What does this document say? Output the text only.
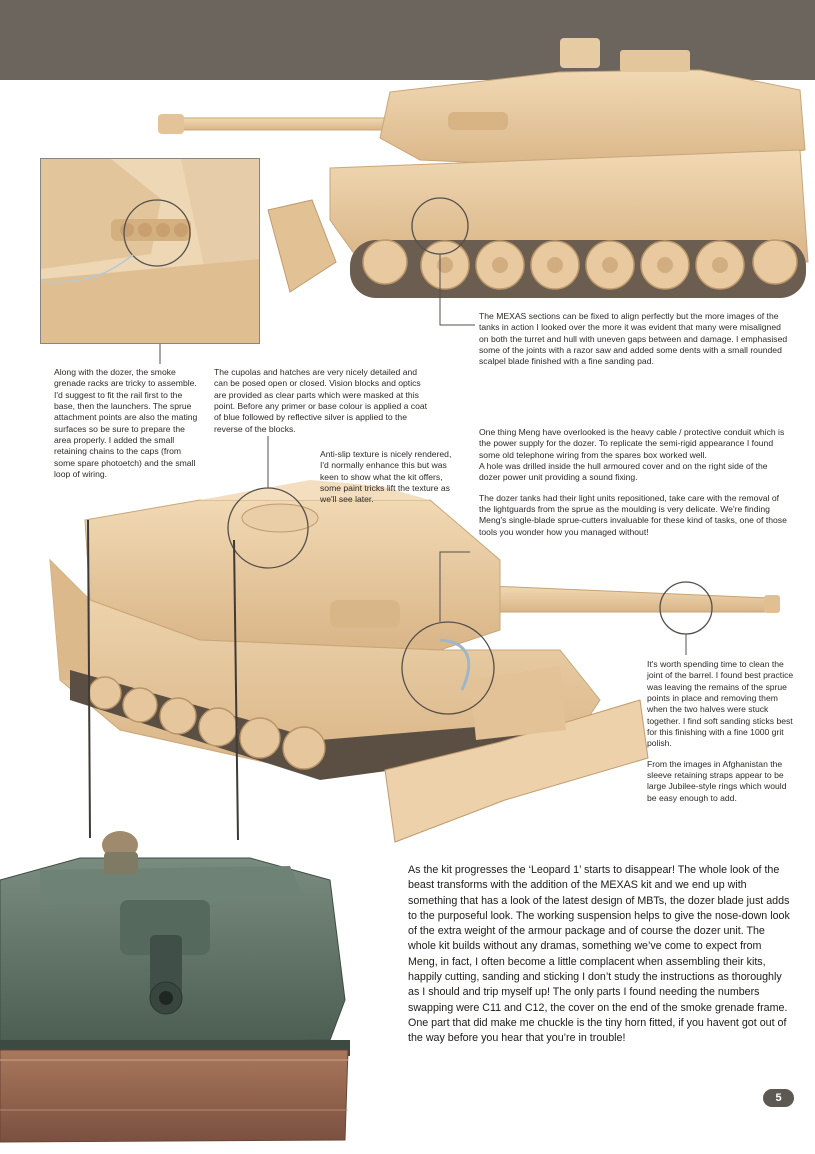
The MEXAS sections can be fixed to align perfectly but the more images of the tanks in action I looked over the more it was evident that many were misaligned on both the turret and hull with uneven gaps between and damage. I emphasised some of the joints with a razor saw and added some dents with a small rounded scalpel blade finished with a fine sanding pad.

Along with the dozer, the smoke grenade racks are tricky to assemble. I'd suggest to fit the rail first to the base, then the launchers. The sprue attachment points are also the mating surfaces so be sure to prepare the area properly. I added the small retaining chains to the caps (from some spare photoetch) and the small loop of wiring.

The cupolas and hatches are very nicely detailed and can be posed open or closed. Vision blocks and optics are provided as clear parts which were masked at this point. Before any primer or base colour is applied a coat of blue followed by reflective silver is applied to the reverse of the blocks.

Anti-slip texture is nicely rendered, I'd normally enhance this but was keen to show what the kit offers, some paint tricks lift the texture as we'll see later.

One thing Meng have overlooked is the heavy cable / protective conduit which is the power supply for the dozer. To replicate the semi-rigid appearance I found some old telephone wiring from the spares box worked well.

A hole was drilled inside the hull armoured cover and on the right side of the dozer power unit providing a sound fixing.

The dozer tanks had their light units repositioned, take care with the removal of the lightguards from the sprue as the moulding is very delicate. We're finding Meng's single-blade sprue-cutters invaluable for these kind of tasks, one of those tools you wonder how you managed without!

It's worth spending time to clean the joint of the barrel. I found best practice was leaving the remains of the sprue points in place and removing them when the two halves were stuck together. I find soft sanding sticks best for this finishing with a fine 1000 grit polish.

From the images in Afghanistan the sleeve retaining straps appear to be large Jubilee-style rings which would be easy enough to add.

As the kit progresses the ‘Leopard 1’ starts to disappear! The whole look of the beast transforms with the addition of the MEXAS kit and we end up with something that has a look of the latest design of MBTs, the dozer blade just adds to the purposeful look. The working suspension helps to give the nose-down look of the extra weight of the armour package and of course the dozer unit. The whole kit builds without any dramas, something we’ve come to expect from Meng, in fact, I often become a little complacent when assembling their kits, happily cutting, sanding and sticking I don’t study the instructions as thoroughly as I should and trip myself up! The only parts I found needing the numbers swapping were C11 and C12, the cover on the end of the smoke grenade frame. One part that did make me chuckle is the tiny horn fitted, if you havent got out of the way before you hear that you’re in trouble!

5
